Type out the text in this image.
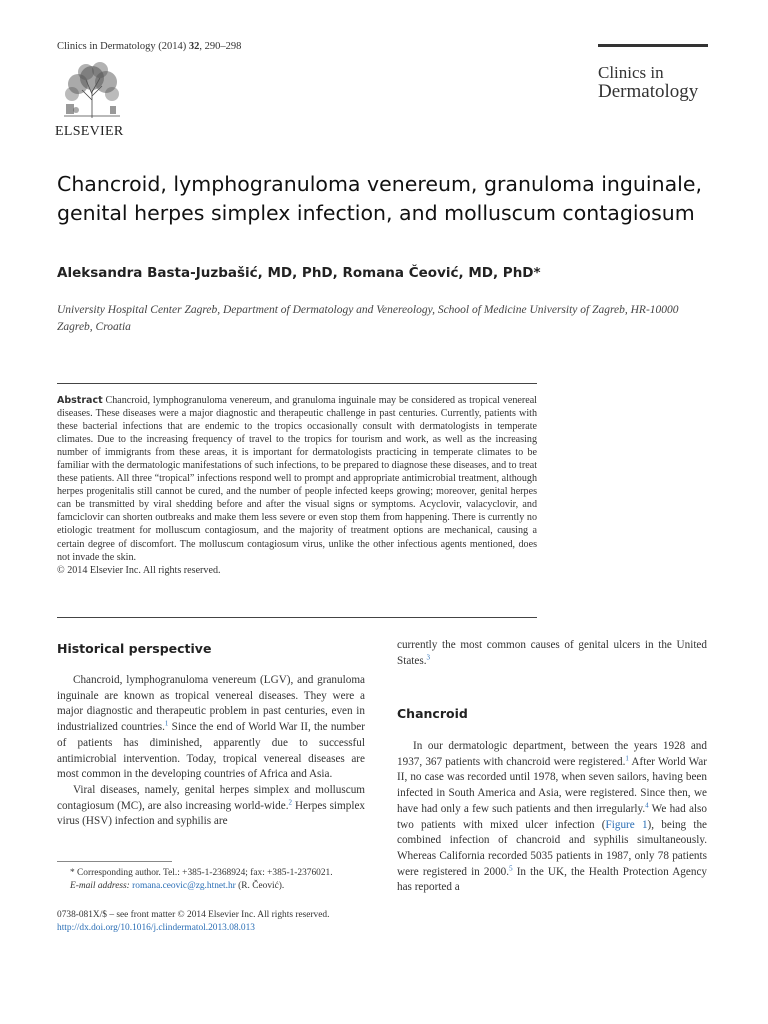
Clinics in Dermatology (2014) 32, 290–298
ELSEVIER
Clinics in
Dermatology
Chancroid, lymphogranuloma venereum, granuloma inguinale, genital herpes simplex infection, and molluscum contagiosum
Aleksandra Basta-Juzbašić, MD, PhD, Romana Čeović, MD, PhD*
University Hospital Center Zagreb, Department of Dermatology and Venereology, School of Medicine University of Zagreb, HR-10000 Zagreb, Croatia
Abstract Chancroid, lymphogranuloma venereum, and granuloma inguinale may be considered as tropical venereal diseases. These diseases were a major diagnostic and therapeutic challenge in past centuries. Currently, patients with these bacterial infections that are endemic to the tropics occasionally consult with dermatologists in temperate climates. Due to the increasing frequency of travel to the tropics for tourism and work, as well as the increasing number of immigrants from these areas, it is important for dermatologists practicing in temperate climates to be familiar with the dermatologic manifestations of such infections, to be prepared to diagnose these diseases, and to treat these patients. All three “tropical” infections respond well to prompt and appropriate antimicrobial treatment, although herpes progenitalis still cannot be cured, and the number of people infected keeps growing; moreover, genital herpes can be transmitted by viral shedding before and after the visual signs or symptoms. Acyclovir, valacyclovir, and famciclovir can shorten outbreaks and make them less severe or even stop them from happening. There is currently no etiologic treatment for molluscum contagiosum, and the majority of treatment options are mechanical, causing a certain degree of discomfort. The molluscum contagiosum virus, unlike the other infectious agents mentioned, does not invade the skin.
© 2014 Elsevier Inc. All rights reserved.
Historical perspective

Chancroid, lymphogranuloma venereum (LGV), and granuloma inguinale are known as tropical venereal diseases. They were a major diagnostic and therapeutic problem in past centuries, even in industrialized countries.$^1$ Since the end of World War II, the number of patients has diminished, apparently due to successful antimicrobial intervention. Today, tropical venereal diseases are most common in the developing countries of Africa and Asia.

Viral diseases, namely, genital herpes simplex and molluscum contagiosum (MC), are also increasing world-wide.$^2$ Herpes simplex virus (HSV) infection and syphilis are

* Corresponding author. Tel.: +385-1-2368924; fax: +385-1-2376021.
E-mail address: romana.ceovic@zg.htnet.hr (R. Čeović).
0738-081X/$ – see front matter © 2014 Elsevier Inc. All rights reserved.
http://dx.doi.org/10.1016/j.clindermatol.2013.08.013

currently the most common causes of genital ulcers in the United States.$^3$

Chancroid

In our dermatologic department, between the years 1928 and 1937, 367 patients with chancroid were registered.$^1$ After World War II, no case was recorded until 1978, when seven sailors, having been infected in South America and Asia, were registered. Since then, we have had only a few such patients and then irregularly.$^4$ We had also two patients with mixed ulcer infection (Figure 1), being the combined infection of chancroid and syphilis simultaneously. Whereas California recorded 5035 patients in 1987, only 78 patients were registered in 2000.$^5$ In the UK, the Health Protection Agency has reported a
